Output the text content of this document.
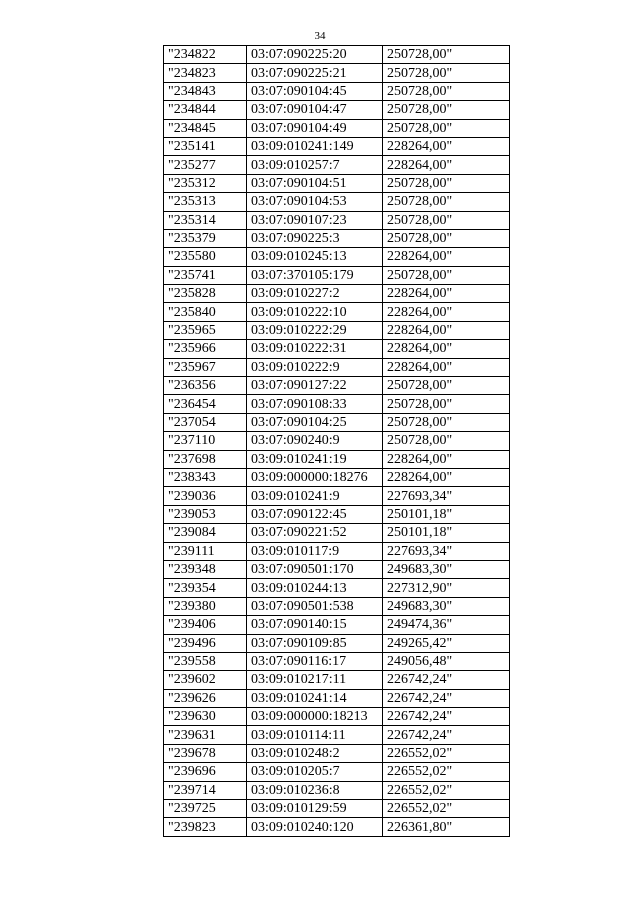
34
"234822	03:07:090225:20	250728,00"
"234823	03:07:090225:21	250728,00"
"234843	03:07:090104:45	250728,00"
"234844	03:07:090104:47	250728,00"
"234845	03:07:090104:49	250728,00"
"235141	03:09:010241:149	228264,00"
"235277	03:09:010257:7	228264,00"
"235312	03:07:090104:51	250728,00"
"235313	03:07:090104:53	250728,00"
"235314	03:07:090107:23	250728,00"
"235379	03:07:090225:3	250728,00"
"235580	03:09:010245:13	228264,00"
"235741	03:07:370105:179	250728,00"
"235828	03:09:010227:2	228264,00"
"235840	03:09:010222:10	228264,00"
"235965	03:09:010222:29	228264,00"
"235966	03:09:010222:31	228264,00"
"235967	03:09:010222:9	228264,00"
"236356	03:07:090127:22	250728,00"
"236454	03:07:090108:33	250728,00"
"237054	03:07:090104:25	250728,00"
"237110	03:07:090240:9	250728,00"
"237698	03:09:010241:19	228264,00"
"238343	03:09:000000:18276	228264,00"
"239036	03:09:010241:9	227693,34"
"239053	03:07:090122:45	250101,18"
"239084	03:07:090221:52	250101,18"
"239111	03:09:010117:9	227693,34"
"239348	03:07:090501:170	249683,30"
"239354	03:09:010244:13	227312,90"
"239380	03:07:090501:538	249683,30"
"239406	03:07:090140:15	249474,36"
"239496	03:07:090109:85	249265,42"
"239558	03:07:090116:17	249056,48"
"239602	03:09:010217:11	226742,24"
"239626	03:09:010241:14	226742,24"
"239630	03:09:000000:18213	226742,24"
"239631	03:09:010114:11	226742,24"
"239678	03:09:010248:2	226552,02"
"239696	03:09:010205:7	226552,02"
"239714	03:09:010236:8	226552,02"
"239725	03:09:010129:59	226552,02"
"239823	03:09:010240:120	226361,80"
